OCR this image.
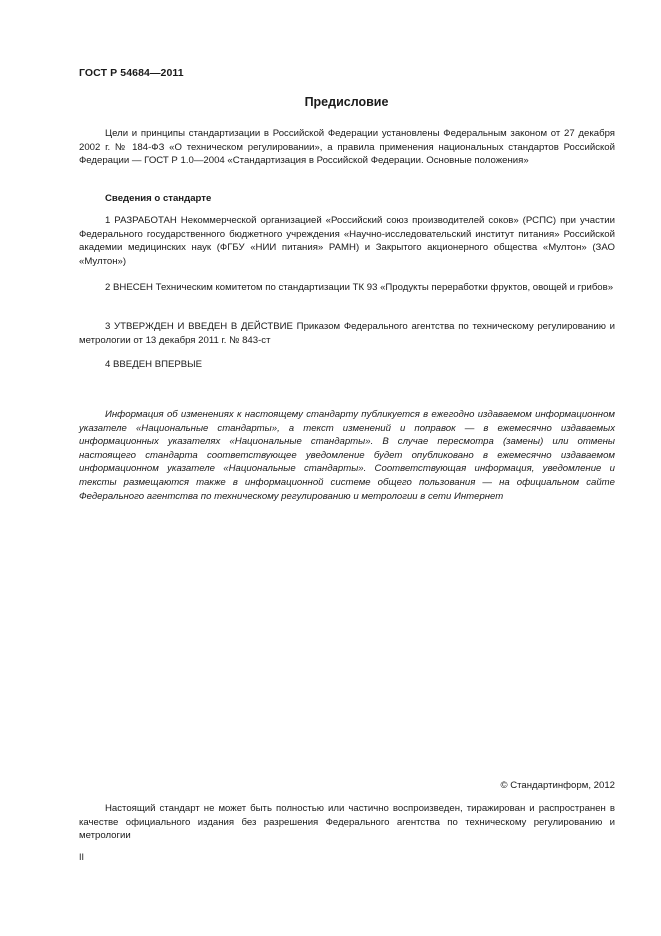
ГОСТ Р 54684—2011
Предисловие

Цели и принципы стандартизации в Российской Федерации установлены Федеральным законом от 27 декабря 2002 г. № 184-ФЗ «О техническом регулировании», а правила применения национальных стандартов Российской Федерации — ГОСТ Р 1.0—2004 «Стандартизация в Российской Федерации. Основные положения»

Сведения о стандарте

1 РАЗРАБОТАН Некоммерческой организацией «Российский союз производителей соков» (РСПС) при участии Федерального государственного бюджетного учреждения «Научно-исследовательский институт питания» Российской академии медицинских наук (ФГБУ «НИИ питания» РАМН) и Закрытого акционерного общества «Мултон» (ЗАО «Мултон»)

2 ВНЕСЕН Техническим комитетом по стандартизации ТК 93 «Продукты переработки фруктов, овощей и грибов»

3 УТВЕРЖДЕН И ВВЕДЕН В ДЕЙСТВИЕ Приказом Федерального агентства по техническому регулированию и метрологии от 13 декабря 2011 г. № 843-ст

4 ВВЕДЕН ВПЕРВЫЕ

Информация об изменениях к настоящему стандарту публикуется в ежегодно издаваемом информационном указателе «Национальные стандарты», а текст изменений и поправок — в ежемесячно издаваемых информационных указателях «Национальные стандарты». В случае пересмотра (замены) или отмены настоящего стандарта соответствующее уведомление будет опубликовано в ежемесячно издаваемом информационном указателе «Национальные стандарты». Соответствующая информация, уведомление и тексты размещаются также в информационной системе общего пользования — на официальном сайте Федерального агентства по техническому регулированию и метрологии в сети Интернет

© Стандартинформ, 2012

Настоящий стандарт не может быть полностью или частично воспроизведен, тиражирован и распространен в качестве официального издания без разрешения Федерального агентства по техническому регулированию и метрологии

II
